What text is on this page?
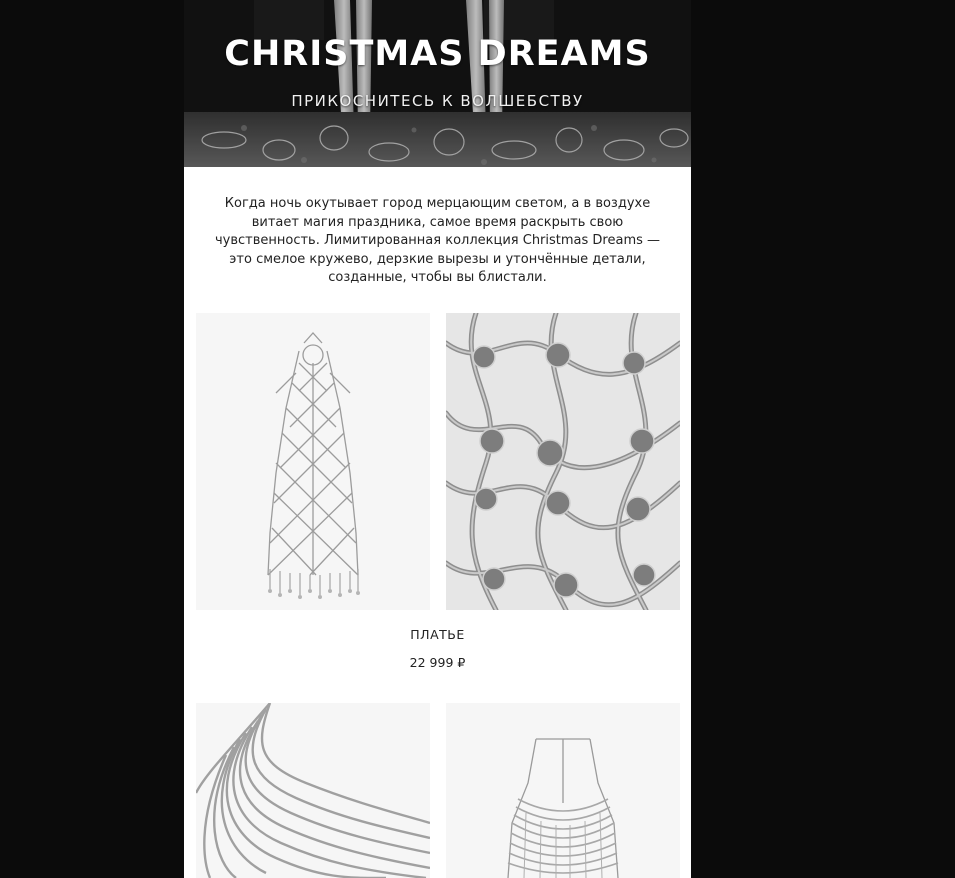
CHRISTMAS DREAMS
ПРИКОСНИТЕСЬ К ВОЛШЕБСТВУ
Когда ночь окутывает город мерцающим светом, а в воздухе
витает магия праздника, самое время раскрыть свою
чувственность. Лимитированная коллекция Christmas Dreams —
это смелое кружево, дерзкие вырезы и утончённые детали,
созданные, чтобы вы блистали.
ПЛАТЬЕ
22 999 ₽
